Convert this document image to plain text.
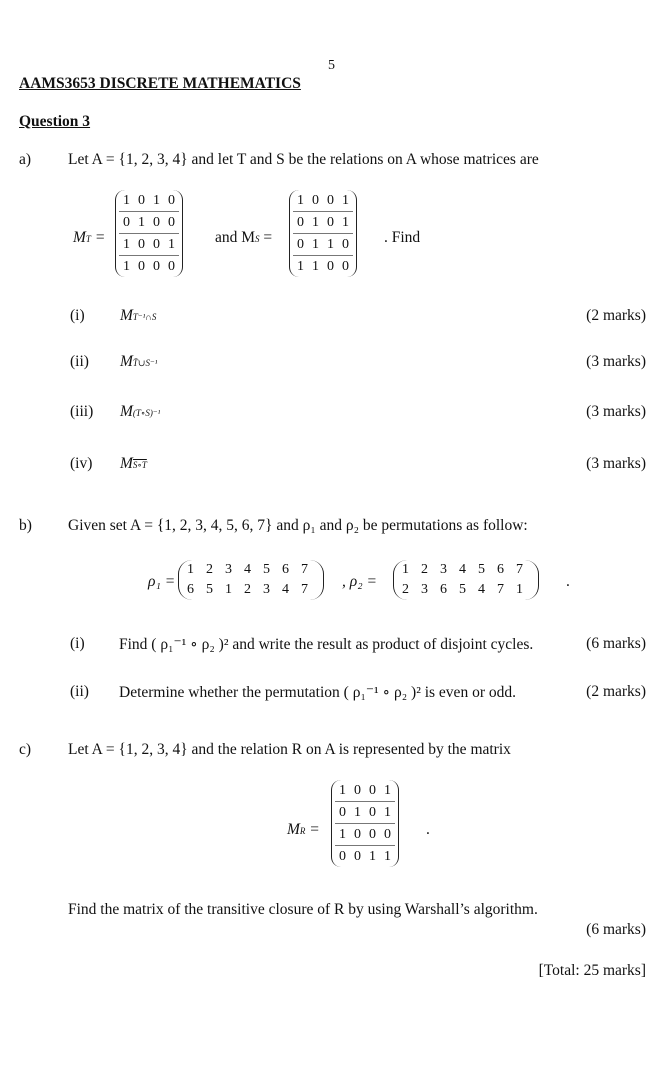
5
AAMS3653 DISCRETE MATHEMATICS
Question 3
a) Let A = {1, 2, 3, 4} and let T and S be the relations on A whose matrices are
MT =
1	0	1	0
0	1	0	0
1	0	0	1
1	0	0	0
and MS =
1	0	0	1
0	1	0	1
0	1	1	0
1	1	0	0
. Find
(i) MT⁻¹∩S	(2 marks)
(ii) MT̄∪S⁻¹	(3 marks)
(iii) M(T∘S)⁻¹	(3 marks)
(iv) MS∘T	(3 marks)
b) Given set A = {1, 2, 3, 4, 5, 6, 7} and ρ₁ and ρ₂ be permutations as follow:
ρ₁ =
1 2 3 4 5 6 7
6 5 1 2 3 4 7	, ρ₂ =
1 2 3 4 5 6 7
2 3 6 5 4 7 1	.
(i) Find ( ρ₁⁻¹ ∘ ρ₂ )² and write the result as product of disjoint cycles.	(6 marks)
(ii) Determine whether the permutation ( ρ₁⁻¹ ∘ ρ₂ )² is even or odd.	(2 marks)
c) Let A = {1, 2, 3, 4} and the relation R on A is represented by the matrix
MR =
1	0	0	1
0	1	0	1
1	0	0	0
0	0	1	1
.
Find the matrix of the transitive closure of R by using Warshall’s algorithm.
(6 marks)
[Total: 25 marks]
